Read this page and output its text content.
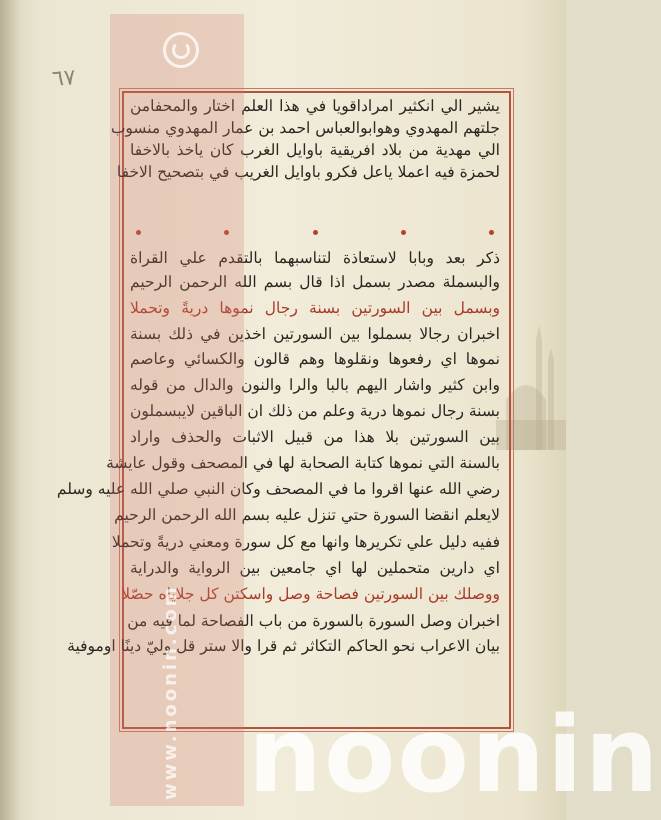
٦٧
يشير الي انكثير امراداقويا في هذا العلم اختار والمحفامن
جلتهم المهدوي وهوابوالعباس احمد بن عمار المهدوي منسوب
الي مهدية من بلاد افريقية باوايل الغرب كان ياخذ بالاخفا
لحمزة فيه اعملا ياعل فكرو باوايل الغريب في بتصحيح الاخفا
ذكر بعد وبابا لاستعاذة لتناسبهما بالتقدم علي القراة
والبسملة مصدر بسمل اذا قال بسم الله الرحمن الرحيم
وبسمل بين السورتين بسنة رجال نموها دريةً وتحملا
اخبران رجالا بسملوا بين السورتين اخذين في ذلك بسنة
نموها اي رفعوها ونقلوها وهم قالون والكسائي وعاصم
وابن كثير واشار اليهم بالبا والرا والنون والدال من قوله
بسنة رجال نموها درية وعلم من ذلك ان الباقين لايبسملون
بين السورتين بلا هذا من قبيل الاثبات والحذف واراد
بالسنة التي نموها كتابة الصحابة لها في المصحف وقول عايشة
رضي الله عنها اقروا ما في المصحف وكان النبي صلي الله عليه وسلم
لايعلم انقضا السورة حتي تنزل عليه بسم الله الرحمن الرحيم
ففيه دليل علي تكريرها وانها مع كل سورة ومعني دريةً وتحملا
اي دارين متحملين لها اي جامعين بين الرواية والدراية
ووصلك بين السورتين فصاحة وصل واسكتن كل جلاياه حصّلا
اخبران وصل السورة بالسورة من باب الفصاحة لما فيه من
بيان الاعراب نحو الحاكم التكاثر ثم قرا والا ستر قل وليّ دينًا اوموفية
www.noonin.com noonin
